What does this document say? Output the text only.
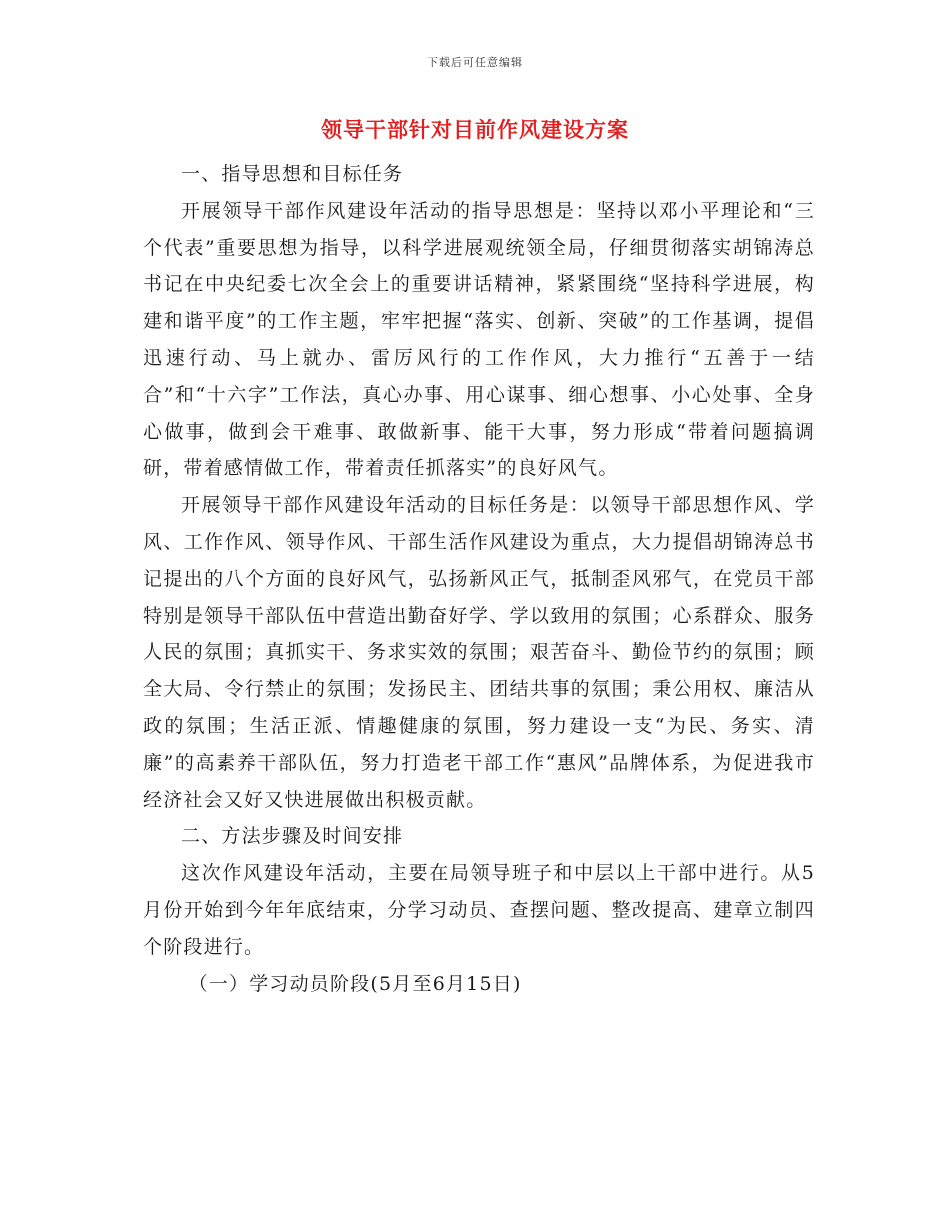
下载后可任意编辑
领导干部针对目前作风建设方案

一、指导思想和目标任务

开展领导干部作风建设年活动的指导思想是：坚持以邓小平理论和“三个代表”重要思想为指导，以科学进展观统领全局，仔细贯彻落实胡锦涛总书记在中央纪委七次全会上的重要讲话精神，紧紧围绕“坚持科学进展，构建和谐平度”的工作主题，牢牢把握“落实、创新、突破”的工作基调，提倡迅速行动、马上就办、雷厉风行的工作作风，大力推行“五善于一结合”和“十六字”工作法，真心办事、用心谋事、细心想事、小心处事、全身心做事，做到会干难事、敢做新事、能干大事，努力形成“带着问题搞调研，带着感情做工作，带着责任抓落实”的良好风气。

开展领导干部作风建设年活动的目标任务是：以领导干部思想作风、学风、工作作风、领导作风、干部生活作风建设为重点，大力提倡胡锦涛总书记提出的八个方面的良好风气，弘扬新风正气，抵制歪风邪气，在党员干部特别是领导干部队伍中营造出勤奋好学、学以致用的氛围；心系群众、服务人民的氛围；真抓实干、务求实效的氛围；艰苦奋斗、勤俭节约的氛围；顾全大局、令行禁止的氛围；发扬民主、团结共事的氛围；秉公用权、廉洁从政的氛围；生活正派、情趣健康的氛围，努力建设一支“为民、务实、清廉”的高素养干部队伍，努力打造老干部工作“惠风”品牌体系，为促进我市经济社会又好又快进展做出积极贡献。

二、方法步骤及时间安排

这次作风建设年活动，主要在局领导班子和中层以上干部中进行。从5月份开始到今年年底结束，分学习动员、查摆问题、整改提高、建章立制四个阶段进行。

（一）学习动员阶段(5月至6月15日)
